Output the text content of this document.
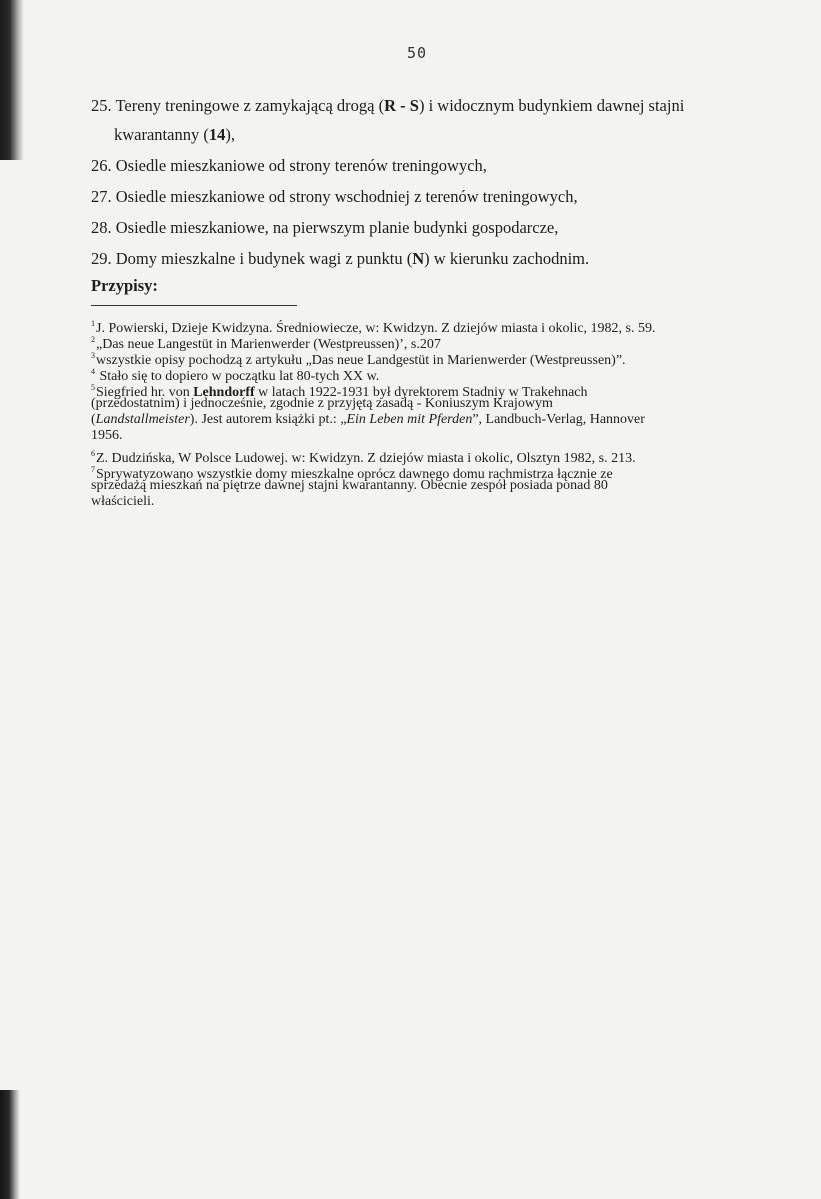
50
25. Tereny treningowe z zamykającą drogą (R - S) i widocznym budynkiem dawnej stajni
kwarantanny (14),
26. Osiedle mieszkaniowe od strony terenów treningowych,
27. Osiedle mieszkaniowe od strony wschodniej z terenów treningowych,
28. Osiedle mieszkaniowe, na pierwszym planie budynki gospodarcze,
29. Domy mieszkalne i budynek wagi z punktu (N) w kierunku zachodnim.
Przypisy:
$^1$J. Powierski, Dzieje Kwidzyna. Średniowiecze, w: Kwidzyn. Z dziejów miasta i okolic, 1982, s. 59.
$^2$„Das neue Langestüt in Marienwerder (Westpreussen)’, s.207
$^3$wszystkie opisy pochodzą z artykułu „Das neue Landgestüt in Marienwerder (Westpreussen)”.
$^4$ Stało się to dopiero w początku lat 80-tych XX w.
$^5$Siegfried hr. von Lehndorff w latach 1922-1931 był dyrektorem Stadniy w Trakehnach
(przedostatnim) i jednocześnie, zgodnie z przyjętą zasadą - Koniuszym Krajowym
(Landstallmeister). Jest autorem książki pt.: „Ein Leben mit Pferden”, Landbuch-Verlag, Hannover
1956.
$^6$Z. Dudzińska, W Polsce Ludowej. w: Kwidzyn. Z dziejów miasta i okolic, Olsztyn 1982, s. 213.
$^7$Sprywatyzowano wszystkie domy mieszkalne oprócz dawnego domu rachmistrza łącznie ze
sprzedażą mieszkań na piętrze dawnej stajni kwarantanny. Obecnie zespół posiada ponad 80
właścicieli.
